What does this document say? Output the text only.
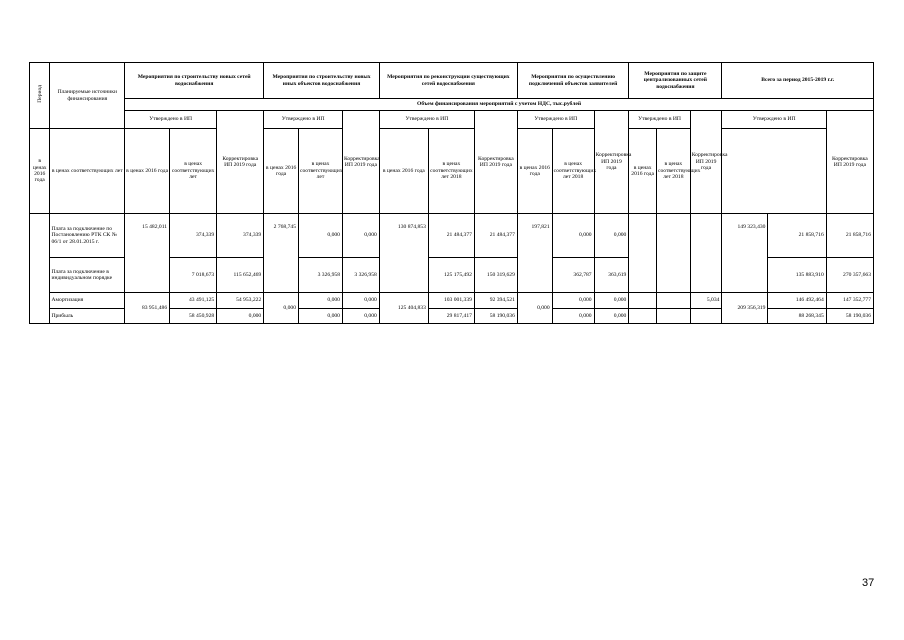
Период	Планируемые источники финансирования	Мероприятия по строительству новых сетей водоснабжения			Мероприятия по строительству новых иных объектов водоснабжения			Мероприятия по реконструкции существующих сетей водоснабжения			Мероприятия по осуществлению подключений объектов заявителей			Мероприятия по защите централизованных сетей водоснабжения			Всего за период 2015-2019 г.г.		
		Объем финансирования мероприятий с учетом НДС, тыс.рублей																	
		Утверждено в ИП		Корректировка ИП 2019 года	Утверждено в ИП		Корректировка ИП 2019 года	Утверждено в ИП		Корректировка ИП 2019 года	Утверждено в ИП		Корректировка ИП 2019 года	Утверждено в ИП		Корректировка ИП 2019 года	Утверждено в ИП		Корректировка ИП 2019 года
в ценах 2016 года	в ценах соответствующих лет	в ценах 2016 года	в ценах соответствующих лет		в ценах 2016 года	в ценах соответствующих лет		в ценах 2016 года	в ценах соответствующих лет 2018		в ценах 2016 года	в ценах соответствующих лет 2018		в ценах 2016 года	в ценах соответствующих лет 2018				
	Плата за подключение по Постановлению РТК СК № 06/1 от 28.01.2015 г.	15 482,011	374,339	374,339	2 768,745	0,000	0,000	130 874,853	21 484,377	21 484,377	197,821	0,000	0,000				149 323,430	21 858,716	21 858,716
	Плата за подключение в индивидуальном порядке		7 018,673	115 652,469		3 326,958	3 326,958		125 175,492	150 319,629		362,787	363,619					135 883,910	270 357,663
	Амортизация	83 951,486	43 491,125	54 953,222	0,000	0,000	0,000	125 404,833	103 001,339	92 394,521	0,000	0,000	0,000			5,034	209 356,319	146 492,464	147 352,777
	Прибыль		58 450,928	0,000		0,000	0,000		29 817,417	58 190,036		0,000	0,000					88 268,345	58 190,036
37
